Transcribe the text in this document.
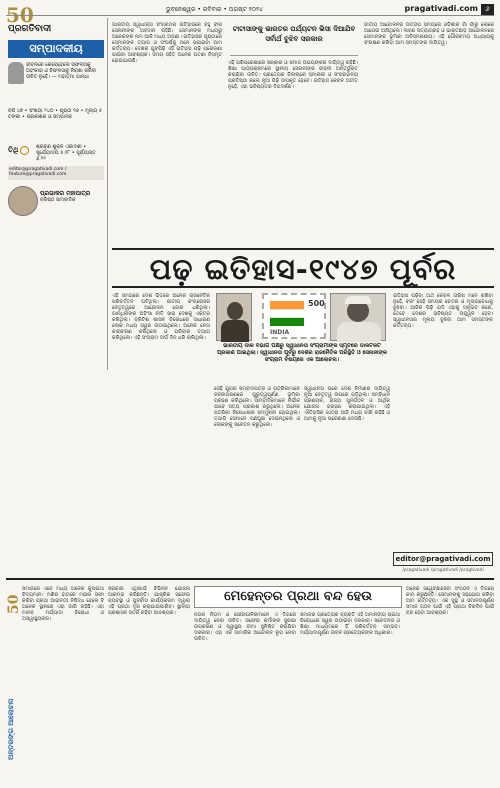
50	ଭୁବନେଶ୍ୱର • ରବିବାର • ଅଗଷ୍ଟ ୨୦୨୪	pragativadi.com	୬
ପ୍ରଗତିବାଦୀ
ସମ୍ପାଦକୀୟ
ଜୀବନରେ କେବେହେଲେ ସଫଳତାକୁ ଅହଂକାର ଓ ବିଫଳତାକୁ ନିରାଶା କରିବା ଉଚିତ ନୁହେଁ। — ମହାତ୍ମା ଗାନ୍ଧୀ
ବର୍ଷ ୪୭ • ସଂଖ୍ୟା ୨୪୦ • ପୃଷ୍ଠା ୧୬ • ମୂଲ୍ୟ ୫ ଟଙ୍କା • ପ୍ରକାଶକ ଓ ସମ୍ପାଦକ
ତିଥି	ଶ୍ରାବଣ ଶୁକ୍ଳ ଏକାଦଶୀ • ସୂର୍ଯ୍ୟୋଦୟ ୫.୧୮ • ସୂର୍ଯ୍ୟାସ୍ତ ୬.୨୨
editor@pragativadi.com / feature@pragativadi.com
ପ୍ରଭାକର ମହାପାତ୍ର
ବରିଷ୍ଠ ସାମ୍ବାଦିକ
ଭାରତୀୟ ସ୍ୱାଧୀନତା ସଂଗ୍ରାମର ଇତିହାସରେ ବହୁ ବୀର ସେନାନୀଙ୍କ ଅବଦାନ ରହିଛି। ସେମାନଙ୍କ ମଧ୍ୟରୁ ଅନେକଙ୍କ ନାମ ଆଜି ମଧ୍ୟ ଅଜଣା। ଇତିହାସର ପୃଷ୍ଠାରେ ସେମାନଙ୍କ ତ୍ୟାଗ ଓ ସଂଘର୍ଷକୁ ମନେ ପକାଇବା ଆମ କର୍ତ୍ତବ୍ୟ। ଦେଶର ଯୁବପିଢ଼ି ଏହି ଇତିହାସ ପଢ଼ି ପ୍ରେରଣା ପାଇବା ଆବଶ୍ୟକ। ସମୟ ସହିତ ଅନେକ ଘଟଣା ବିସ୍ମୃତ ହୋଇଯାଉଛି।	ଏହି ପରିପ୍ରେକ୍ଷୀରେ ସରକାର ଓ ସମାଜ ଉଭୟଙ୍କର ଦାୟିତ୍ୱ ରହିଛି। ଶିକ୍ଷା ପାଠ୍ୟକ୍ରମରେ ସ୍ଥାନୀୟ ସେନାନୀଙ୍କ ଜୀବନୀ ଅନ୍ତର୍ଭୁକ୍ତ କରାଯିବା ଉଚିତ। ପ୍ରତ୍ୟେକ ଜିଲ୍ଲାରେ ସ୍ମାରକୀ ଓ ସଂଗ୍ରହାଳୟ ପ୍ରତିଷ୍ଠା କଲେ ନୂଆ ପିଢ଼ି ଉପକୃତ ହେବେ। ଇତିହାସ କେବଳ ଅତୀତ ନୁହେଁ, ଏହା ଭବିଷ୍ୟତର ଦିଗଦର୍ଶକ।
ଜାତୀୟ ଆନ୍ଦୋଳନର ଉତ୍ତାପ ସମୟରେ ଓଡ଼ିଶାର ଗାଁ ଗାଁରୁ ଲୋକେ ଆଗେଇ ଆସିଥିଲେ। ଲବଣ ସତ୍ୟାଗ୍ରହ ଓ ଭାରତଛାଡ଼ ଆନ୍ଦୋଳନରେ ସେମାନଙ୍କ ଭୂମିକା ଅବିସ୍ମରଣୀୟ। ଏହି ଗୌରବମୟ ଅଧ୍ୟାୟକୁ ସଂରକ୍ଷଣ କରିବା ଆମ ସମସ୍ତଙ୍କ ଦାୟିତ୍ୱ।
ଟାଟାସାଙ୍କୁ ଭାରତର ପର୍ଯ୍ୟଟନ ଭିସା ଦିଆଯିବ ସର୍ବାର୍ଥ ବୁଝିବ ସରକାର
ପଢ଼ ଇତିହାସ-୧୯୪୭ ପୂର୍ବର
500
INDIA
ଭାରତୀୟ ଡାକ ବିଭାଗ ପକ୍ଷରୁ ସ୍ୱାଧୀନତା ସଂଗ୍ରାମୀଙ୍କ ସ୍ମୃତିରେ ଡାକଟିକଟ ପ୍ରକାଶ ପାଇଥିଲା। ସ୍ୱାଧୀନତା ପୂର୍ବରୁ ଦେଶର ରାଜନୈତିକ ପରିସ୍ଥିତି ଓ ସେନାନୀଙ୍କ ସଂଗ୍ରାମ ବିଷୟରେ ଏକ ଆଲୋଚନା।
ଏହି ସମୟରେ ଦେଶ ଭିତରେ ଅନେକ ରାଜନୈତିକ ପରିବର୍ତ୍ତନ ଘଟିଥିଲା। ଜାତୀୟ କଂଗ୍ରେସର ନେତୃତ୍ୱରେ ଆନ୍ଦୋଳନ ଜୋର ଧରିଥିଲା। ଗାନ୍ଧିଜୀଙ୍କ ଅହିଂସା ନୀତି ସାରା ଦେଶକୁ ଏକତ୍ର କରିଥିଲା। ବ୍ରିଟିଶ ଶାସନ ବିରୋଧରେ ସାଧାରଣ ଲୋକ ମଧ୍ୟ ସ୍ୱର ଉଠାଇଥିଲେ। ଅନେକ ନେତା କାରାବରଣ କରିଥିଲେ ଓ ପରିବାର ତ୍ୟାଗ କରିଥିଲେ। ଏହି ସଂଗ୍ରାମ ଦୀର୍ଘ ଦିନ ଧରି ଚାଲିଥିଲା।
ସେହି ଯୁଗର ସମ୍ବାଦପତ୍ର ଓ ପତ୍ରିକାମାନେ ଜନଜାଗରଣରେ ଗୁରୁତ୍ୱପୂର୍ଣ୍ଣ ଭୂମିକା ଗ୍ରହଣ କରିଥିଲେ। ସାମ୍ବାଦିକମାନେ ନିର୍ଭୀକ ଭାବେ ସତ୍ୟ ପ୍ରକାଶ କରୁଥିଲେ। ଅନେକ ପତ୍ରିକା ନିଷେଧାଜ୍ଞାର ସମ୍ମୁଖୀନ ହୋଇଥିଲା। ତଥାପି ସେମାନେ ପଛଘୁଞ୍ଚା ଦେଇନଥିଲେ ଓ ଲୋକଙ୍କୁ ସଚେତନ କରୁଥିଲେ।
ସ୍ୱାଧୀନତା ପରେ ଦେଶ ନିର୍ମାଣର ଦାୟିତ୍ୱ ନୂଆ ନେତୃତ୍ୱ ଉପରେ ପଡ଼ିଥିଲା। ସମ୍ବିଧାନ ପ୍ରଣୟନ, ରାଜ୍ୟ ପୁନର୍ଗଠନ ଓ ଆର୍ଥିକ ଯୋଜନା ଗ୍ରହଣ କରାଯାଇଥିଲା। ଏହି ଐତିହାସିକ ଯାତ୍ରା ଆଜି ମଧ୍ୟ ଜାରି ରହିଛି ଓ ଆମକୁ ନୂଆ ପ୍ରେରଣା ଦେଉଛି।
ଇତିହାସ ପଢ଼ିବା ଅର୍ଥ କେବଳ ତାରିଖ ମନେ ରଖିବା ନୁହେଁ, ବରଂ ସେହି ସମୟର ଚେତନା ଓ ମୂଲ୍ୟବୋଧକୁ ବୁଝିବା। ଆଜିର ପିଢ଼ି ଯଦି ଏହାକୁ ଅନୁଭବ କରେ, ତେବେ ଦେଶର ଭବିଷ୍ୟତ ଉଜ୍ଜ୍ୱଳ ହେବ। ସ୍ୱାଧୀନତାର ମୂଲ୍ୟ ବୁଝିବା ଆମ ସମସ୍ତଙ୍କ କର୍ତ୍ତବ୍ୟ।
editor@pragativadi.com
/pragativadi /pragativadi /pragtivadi
50
ଅନ୍ତରଙ୍ଗ ଆଲୋଚନା
ମେହେନ୍ତର ପ୍ରଥା ବନ୍ଦ ହେଉ
ସମାଜରେ ଏବେ ମଧ୍ୟ ଅନେକ କୁପ୍ରଥା ବିଦ୍ୟମାନ। ମଣିଷ ହାତରେ ମଇଳା ସଫା କରିବା ପ୍ରଥା ଆଇନତଃ ନିଷିଦ୍ଧ ହେଲେ ବି ଅନେକ ସ୍ଥାନରେ ଏହା ଜାରି ରହିଛି। ଏହା ମାନବ ମର୍ଯ୍ୟାଦା ବିରୋଧୀ ଓ ଅସ୍ୱାସ୍ଥ୍ୟକର।
ସରକାର ଏଥିପାଇଁ ବିଭିନ୍ନ ଯୋଜନା ଆରମ୍ଭ କରିଛନ୍ତି। ଯାନ୍ତ୍ରିକ ସଫେଇ ବ୍ୟବସ୍ଥା ଓ ପୁନର୍ବାସ କାର୍ଯ୍ୟକ୍ରମ ଦ୍ୱାରା ଏହି ପ୍ରଥା ଦୂର କରାଯାଇପାରିବ। ସ୍ଥାନୀୟ ପ୍ରଶାସନ ସତର୍କ ରହିବା ଆବଶ୍ୟକ।	ନଗର ନିଗମ ଓ ପୌରପାଳିକାମାନେ ଏ ଦିଗରେ ଦାୟିତ୍ୱ ନେବା ଉଚିତ। ସଫେଇ କର୍ମୀଙ୍କ ସୁରକ୍ଷା ଉପକରଣ ଓ ସ୍ୱାସ୍ଥ୍ୟ ବୀମା ସୁନିଶ୍ଚିତ କରାଯିବା ଦରକାର। ଏହା ଏକ ସାମାଜିକ ଆନ୍ଦୋଳନ ରୂପ ନେବା ଉଚିତ।
ସମାଜର ପ୍ରତ୍ୟେକ ବ୍ୟକ୍ତି ଏହି ଅମାନବୀୟ ପ୍ରଥା ବିରୋଧରେ ସ୍ୱର ଉଠାଇବା ଦରକାର। ସଚେତନତା ଓ ଶିକ୍ଷା ମାଧ୍ୟମରେ ହିଁ ପରିବର୍ତ୍ତନ ସମ୍ଭବ। ମର୍ଯ୍ୟାଦାପୂର୍ଣ୍ଣ ଜୀବନ ପ୍ରତ୍ୟେକଙ୍କ ଅଧିକାର।
ଅନେକ ସ୍ୱେଚ୍ଛାସେବୀ ସଂଗଠନ ଏ ଦିଗରେ କାମ କରୁଛନ୍ତି। ସେମାନଙ୍କୁ ସହଯୋଗ କରିବା ଆମ କର୍ତ୍ତବ୍ୟ। ଏକ ସୁସ୍ଥ ଓ ସମାନତାପୂର୍ଣ୍ଣ ସମାଜ ଗଠନ ପାଇଁ ଏହି ପ୍ରଥା ଚିରଦିନ ପାଇଁ ବନ୍ଦ ହେବା ଆବଶ୍ୟକ।
